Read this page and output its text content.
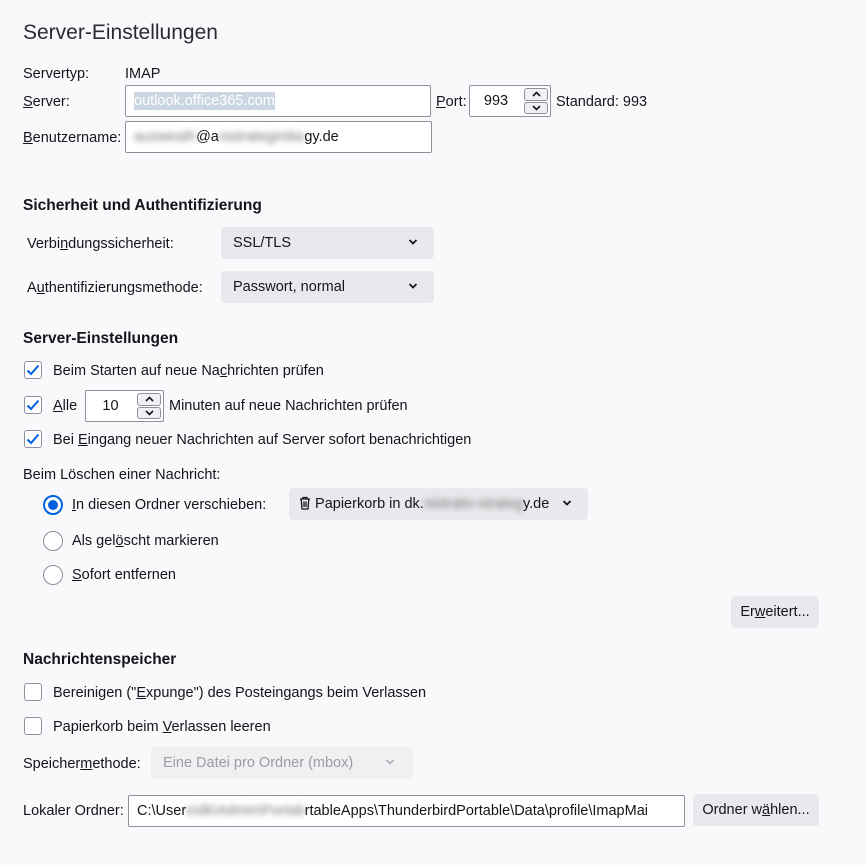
Server-Einstellungen
Servertyp: IMAP
Server:	outlook.office365.com	Port:	993	Standard: 993
Benutzername: ausweath@anistrateginitiagy.de
Sicherheit und Authentifizierung
Verbindungssicherheit:	SSL/TLS
Authentifizierungsmethode:	Passwort, normal
Server-Einstellungen
Beim Starten auf neue Nachrichten prüfen
Alle	10	Minuten auf neue Nachrichten prüfen
Bei Eingang neuer Nachrichten auf Server sofort benachrichtigen
Beim Löschen einer Nachricht:
In diesen Ordner verschieben:	Papierkorb in dk.nistrativ-strategy.de
Als gelöscht markieren
Sofort entfernen
Erweitert...
Nachrichtenspeicher
Bereinigen ("Expunge") des Posteingangs beim Verlassen
Papierkorb beim Verlassen leeren
Speichermethode:	Eine Datei pro Ordner (mbox)
Lokaler Ordner: C:\Users\dk\Admin\PortabrtableApps\ThunderbirdPortable\Data\profile\ImapMai	Ordner wählen...
